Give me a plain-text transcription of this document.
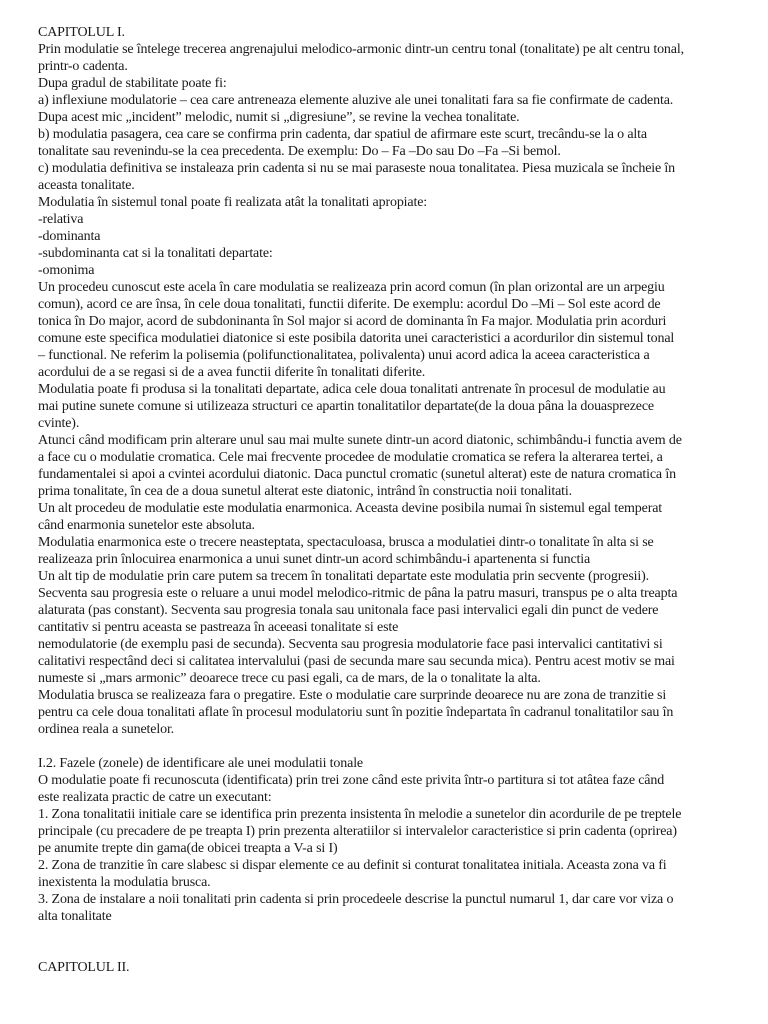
CAPITOLUL I.
Prin modulatie se întelege trecerea angrenajului melodico-armonic dintr-un centru tonal (tonalitate) pe alt centru tonal,
printr-o cadenta.
Dupa gradul de stabilitate poate fi:
a) inflexiune modulatorie – cea care antreneaza elemente aluzive ale unei tonalitati fara sa fie confirmate de cadenta.
Dupa acest mic „incident” melodic, numit si „digresiune”, se revine la vechea tonalitate.
b) modulatia pasagera, cea care se confirma prin cadenta, dar spatiul de afirmare este scurt, trecându-se la o alta
tonalitate sau revenindu-se la cea precedenta. De exemplu: Do – Fa –Do sau Do –Fa –Si bemol.
c) modulatia definitiva se instaleaza prin cadenta si nu se mai paraseste noua tonalitatea. Piesa muzicala se încheie în
aceasta tonalitate.
Modulatia în sistemul tonal poate fi realizata atât la tonalitati apropiate:
-relativa
-dominanta
-subdominanta cat si la tonalitati departate:
-omonima
Un procedeu cunoscut este acela în care modulatia se realizeaza prin acord comun (în plan orizontal are un arpegiu
comun), acord ce are însa, în cele doua tonalitati, functii diferite. De exemplu: acordul Do –Mi – Sol este acord de
tonica în Do major, acord de subdoninanta în Sol major si acord de dominanta în Fa major. Modulatia prin acorduri
comune este specifica modulatiei diatonice si este posibila datorita unei caracteristici a acordurilor din sistemul tonal
– functional. Ne referim la polisemia (polifunctionalitatea, polivalenta) unui acord adica la aceea caracteristica a
acordului de a se regasi si de a avea functii diferite în tonalitati diferite.
Modulatia poate fi produsa si la tonalitati departate, adica cele doua tonalitati antrenate în procesul de modulatie au
mai putine sunete comune si utilizeaza structuri ce apartin tonalitatilor departate(de la doua pâna la douasprezece
cvinte).
Atunci când modificam prin alterare unul sau mai multe sunete dintr-un acord diatonic, schimbându-i functia avem de
a face cu o modulatie cromatica. Cele mai frecvente procedee de modulatie cromatica se refera la alterarea tertei, a
fundamentalei si apoi a cvintei acordului diatonic. Daca punctul cromatic (sunetul alterat) este de natura cromatica în
prima tonalitate, în cea de a doua sunetul alterat este diatonic, intrând în constructia noii tonalitati.
Un alt procedeu de modulatie este modulatia enarmonica. Aceasta devine posibila numai în sistemul egal temperat
când enarmonia sunetelor este absoluta.
Modulatia enarmonica este o trecere neasteptata, spectaculoasa, brusca a modulatiei dintr-o tonalitate în alta si se
realizeaza prin înlocuirea enarmonica a unui sunet dintr-un acord schimbându-i apartenenta si functia
Un alt tip de modulatie prin care putem sa trecem în tonalitati departate este modulatia prin secvente (progresii).
Secventa sau progresia este o reluare a unui model melodico-ritmic de pâna la patru masuri, transpus pe o alta treapta
alaturata (pas constant). Secventa sau progresia tonala sau unitonala face pasi intervalici egali din punct de vedere
cantitativ si pentru aceasta se pastreaza în aceeasi tonalitate si este
nemodulatorie (de exemplu pasi de secunda). Secventa sau progresia modulatorie face pasi intervalici cantitativi si
calitativi respectând deci si calitatea intervalului (pasi de secunda mare sau secunda mica). Pentru acest motiv se mai
numeste si „mars armonic” deoarece trece cu pasi egali, ca de mars, de la o tonalitate la alta.
Modulatia brusca se realizeaza fara o pregatire. Este o modulatie care surprinde deoarece nu are zona de tranzitie si
pentru ca cele doua tonalitati aflate în procesul modulatoriu sunt în pozitie îndepartata în cadranul tonalitatilor sau în
ordinea reala a sunetelor.
I.2. Fazele (zonele) de identificare ale unei modulatii tonale
O modulatie poate fi recunoscuta (identificata) prin trei zone când este privita într-o partitura si tot atâtea faze când
este realizata practic de catre un executant:
1. Zona tonalitatii initiale care se identifica prin prezenta insistenta în melodie a sunetelor din acordurile de pe treptele
principale (cu precadere de pe treapta I) prin prezenta alteratiilor si intervalelor caracteristice si prin cadenta (oprirea)
pe anumite trepte din gama(de obicei treapta a V-a si I)
2. Zona de tranzitie în care slabesc si dispar elemente ce au definit si conturat tonalitatea initiala. Aceasta zona va fi
inexistenta la modulatia brusca.
3. Zona de instalare a noii tonalitati prin cadenta si prin procedeele descrise la punctul numarul 1, dar care vor viza o
alta tonalitate
CAPITOLUL II.
